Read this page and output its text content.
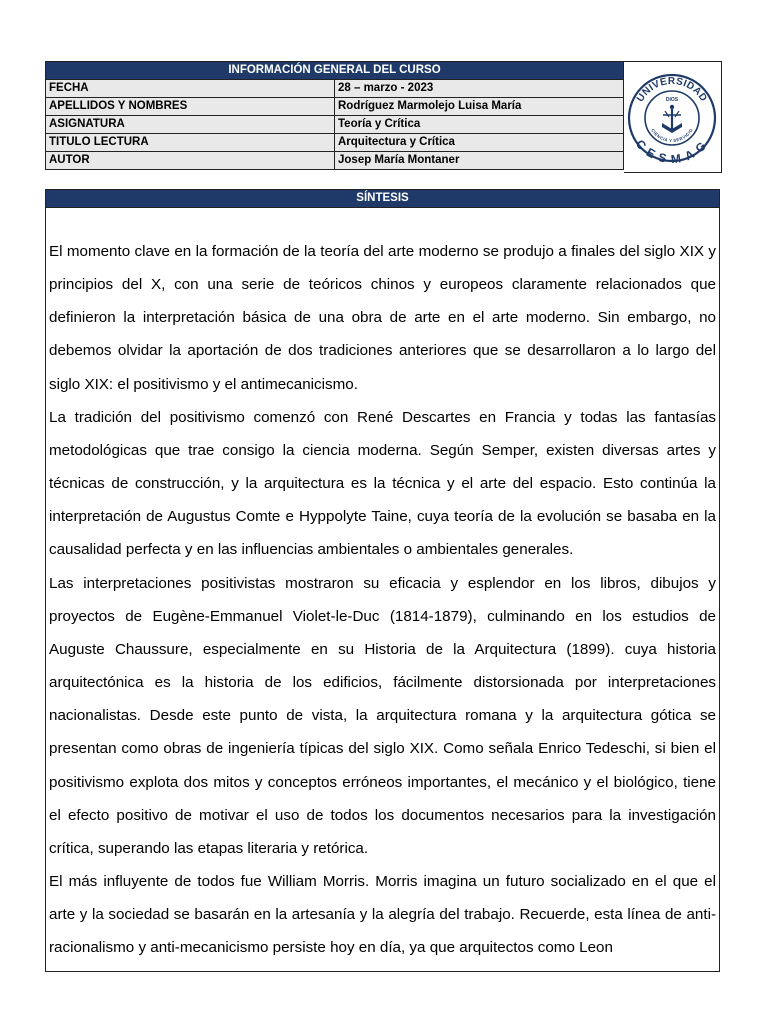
INFORMACIÓN GENERAL DEL CURSO	
FECHA	28 – marzo - 2023
APELLIDOS Y NOMBRES	Rodríguez Marmolejo Luisa María
ASIGNATURA	Teoría y Crítica
TITULO LECTURA	Arquitectura y Crítica
AUTOR	Josep María Montaner
UNIVERSIDAD
CESMAG
DIOS
CIENCIA Y SERVICIO
SÍNTESIS

El momento clave en la formación de la teoría del arte moderno se produjo a finales del siglo XIX y principios del X, con una serie de teóricos chinos y europeos claramente relacionados que definieron la interpretación básica de una obra de arte en el arte moderno. Sin embargo, no debemos olvidar la aportación de dos tradiciones anteriores que se desarrollaron a lo largo del siglo XIX: el positivismo y el antimecanicismo.

La tradición del positivismo comenzó con René Descartes en Francia y todas las fantasías metodológicas que trae consigo la ciencia moderna. Según Semper, existen diversas artes y técnicas de construcción, y la arquitectura es la técnica y el arte del espacio. Esto continúa la interpretación de Augustus Comte e Hyppolyte Taine, cuya teoría de la evolución se basaba en la causalidad perfecta y en las influencias ambientales o ambientales generales.

Las interpretaciones positivistas mostraron su eficacia y esplendor en los libros, dibujos y proyectos de Eugène-Emmanuel Violet-le-Duc (1814-1879), culminando en los estudios de Auguste Chaussure, especialmente en su Historia de la Arquitectura (1899). cuya historia arquitectónica es la historia de los edificios, fácilmente distorsionada por interpretaciones nacionalistas. Desde este punto de vista, la arquitectura romana y la arquitectura gótica se presentan como obras de ingeniería típicas del siglo XIX. Como señala Enrico Tedeschi, si bien el positivismo explota dos mitos y conceptos erróneos importantes, el mecánico y el biológico, tiene el efecto positivo de motivar el uso de todos los documentos necesarios para la investigación crítica, superando las etapas literaria y retórica.

El más influyente de todos fue William Morris. Morris imagina un futuro socializado en el que el arte y la sociedad se basarán en la artesanía y la alegría del trabajo. Recuerde, esta línea de anti-racionalismo y anti-mecanicismo persiste hoy en día, ya que arquitectos como Leon
